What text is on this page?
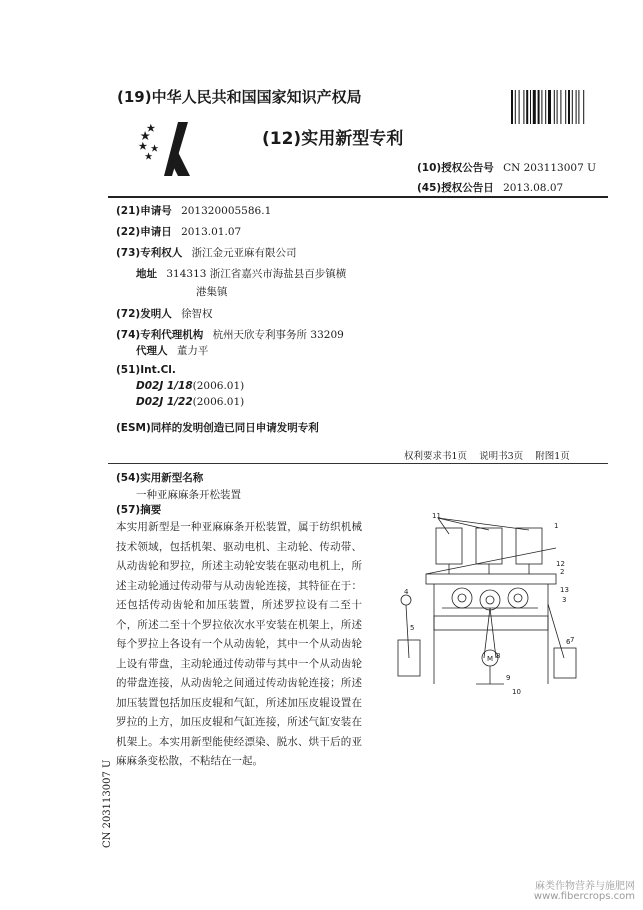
(19)中华人民共和国国家知识产权局
(12)实用新型专利
(10)授权公告号 CN 203113007 U
(45)授权公告日 2013.08.07
(21)申请号 201320005586.1
(22)申请日 2013.01.07
(73)专利权人 浙江金元亚麻有限公司
地址 314313 浙江省嘉兴市海盐县百步镇横
港集镇
(72)发明人 徐智权
(74)专利代理机构 杭州天欣专利事务所 33209
代理人 董力平
(51)Int.Cl.
D02J 1/18(2006.01)
D02J 1/22(2006.01)
(ESM)同样的发明创造已同日申请发明专利
权利要求书1页    说明书3页    附图1页
(54)实用新型名称
一种亚麻麻条开松装置
(57)摘要
本实用新型是一种亚麻麻条开松装置，属于纺织机械技术领域，包括机架、驱动电机、主动轮、传动带、从动齿轮和罗拉，所述主动轮安装在驱动电机上，所述主动轮通过传动带与从动齿轮连接，其特征在于：还包括传动齿轮和加压装置，所述罗拉设有二至十个，所述二至十个罗拉依次水平安装在机架上，所述每个罗拉上各设有一个从动齿轮，其中一个从动齿轮上设有带盘，主动轮通过传动带与其中一个从动齿轮的带盘连接，从动齿轮之间通过传动齿轮连接；所述加压装置包括加压皮辊和气缸，所述加压皮辊设置在罗拉的上方，加压皮辊和气缸连接，所述气缸安装在机架上。本实用新型能使经漂染、脱水、烘干后的亚麻麻条变松散，不粘结在一起。
11
1
12
2
13
3
4
5
6 7
8
9
10
M
CN 203113007 U
麻类作物营养与施肥网
www.fibercrops.com
